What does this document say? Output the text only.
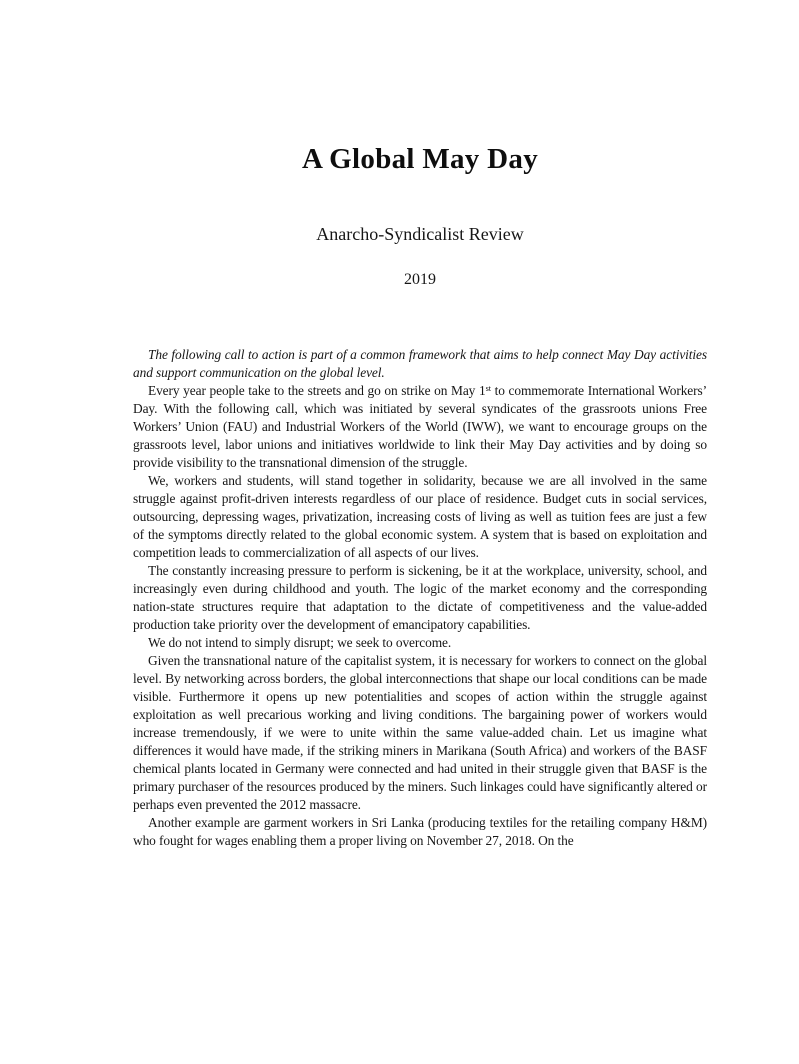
A Global May Day
Anarcho-Syndicalist Review
2019

The following call to action is part of a common framework that aims to help connect May Day activities and support communication on the global level.

Every year people take to the streets and go on strike on May 1st to commemorate International Workers’ Day. With the following call, which was initiated by several syndicates of the grassroots unions Free Workers’ Union (FAU) and Industrial Workers of the World (IWW), we want to encourage groups on the grassroots level, labor unions and initiatives worldwide to link their May Day activities and by doing so provide visibility to the transnational dimension of the struggle.

We, workers and students, will stand together in solidarity, because we are all involved in the same struggle against profit-driven interests regardless of our place of residence. Budget cuts in social services, outsourcing, depressing wages, privatization, increasing costs of living as well as tuition fees are just a few of the symptoms directly related to the global economic system. A system that is based on exploitation and competition leads to commercialization of all aspects of our lives.

The constantly increasing pressure to perform is sickening, be it at the workplace, university, school, and increasingly even during childhood and youth. The logic of the market economy and the corresponding nation-state structures require that adaptation to the dictate of competitiveness and the value-added production take priority over the development of emancipatory capabilities.

We do not intend to simply disrupt; we seek to overcome.

Given the transnational nature of the capitalist system, it is necessary for workers to connect on the global level. By networking across borders, the global interconnections that shape our local conditions can be made visible. Furthermore it opens up new potentialities and scopes of action within the struggle against exploitation as well precarious working and living conditions. The bargaining power of workers would increase tremendously, if we were to unite within the same value-added chain. Let us imagine what differences it would have made, if the striking miners in Marikana (South Africa) and workers of the BASF chemical plants located in Germany were connected and had united in their struggle given that BASF is the primary purchaser of the resources produced by the miners. Such linkages could have significantly altered or perhaps even prevented the 2012 massacre.

Another example are garment workers in Sri Lanka (producing textiles for the retailing company H&M) who fought for wages enabling them a proper living on November 27, 2018. On the
